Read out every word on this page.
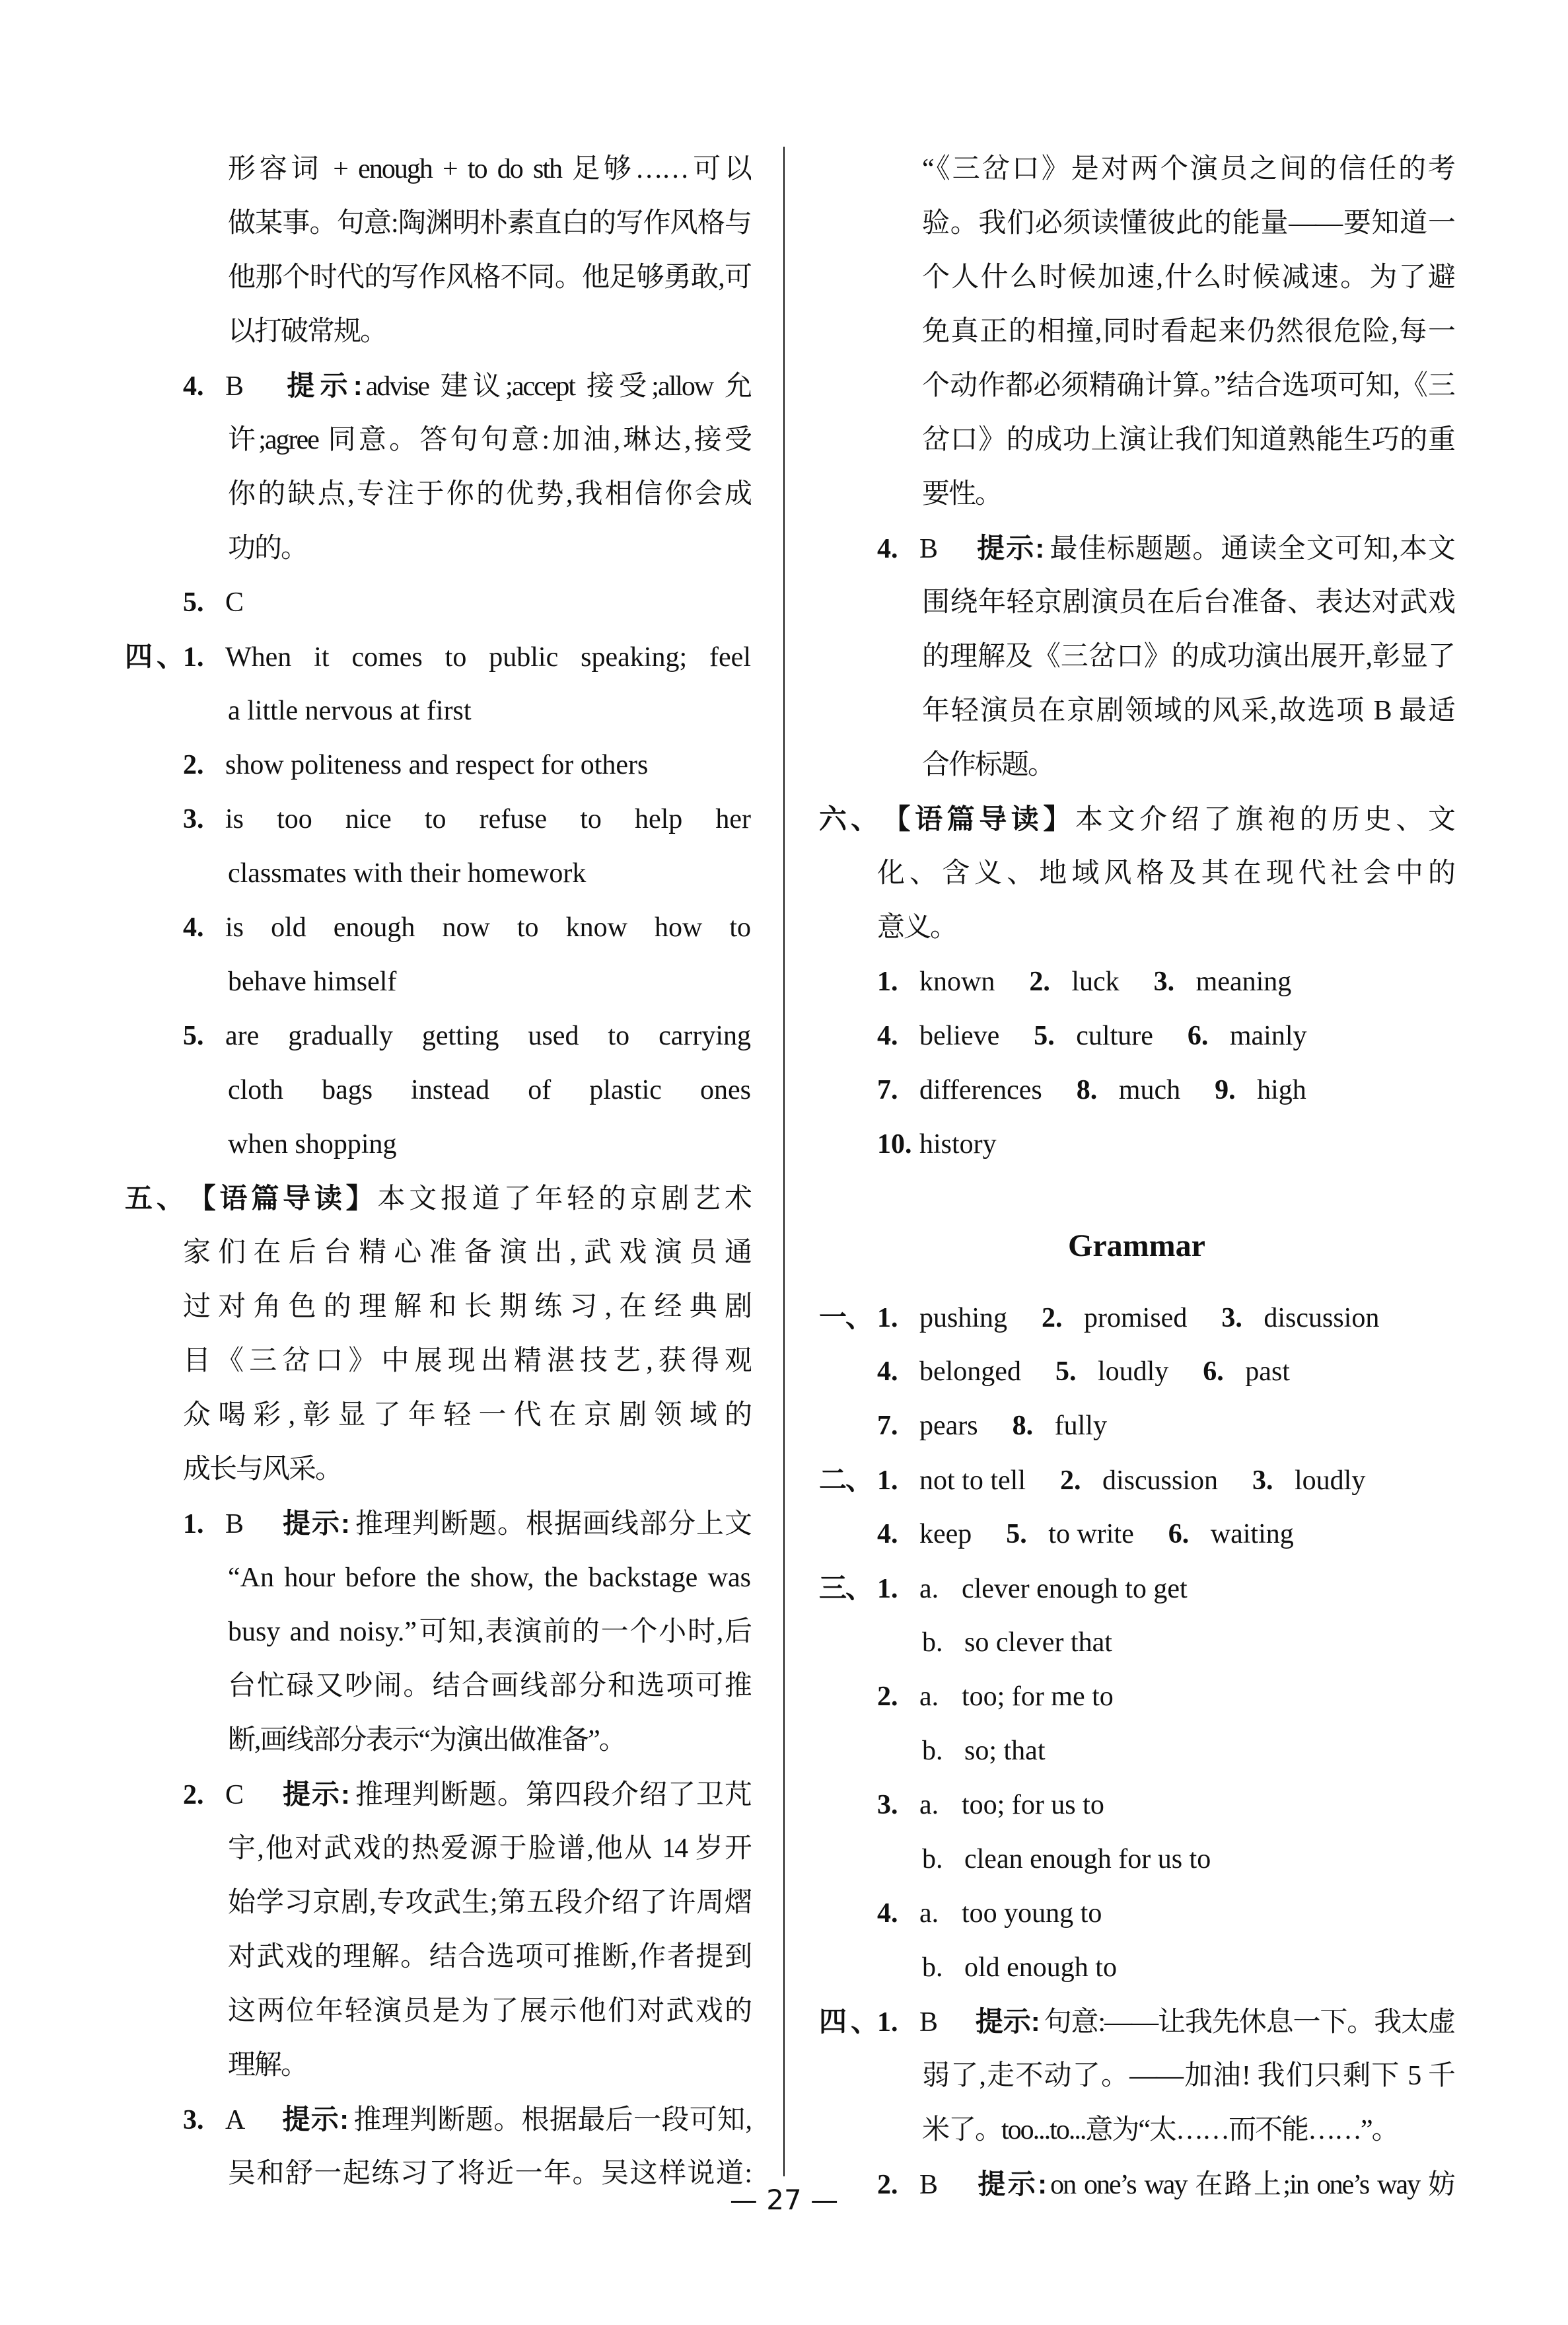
形容词 + enough + to do sth 足够……可以
做某事。句意:陶渊明朴素直白的写作风格与
他那个时代的写作风格不同。他足够勇敢,可
以打破常规。
4. B 提示: advise 建议;accept 接受;allow 允
许;agree 同意。答句句意:加油,琳达,接受
你的缺点,专注于你的优势,我相信你会成
功的。
5. C
四、1. When it comes to public speaking; feel
a little nervous at first
2. show politeness and respect for others
3. is too nice to refuse to help her
classmates with their homework
4. is old enough now to know how to
behave himself
5. are gradually getting used to carrying
cloth bags instead of plastic ones
when shopping
五、【语篇导读】本文报道了年轻的京剧艺术
家们在后台精心准备演出,武戏演员通
过对角色的理解和长期练习,在经典剧
目《三岔口》中展现出精湛技艺,获得观
众喝彩,彰显了年轻一代在京剧领域的
成长与风采。
1. B 提示: 推理判断题。根据画线部分上文
“An hour before the show, the backstage was
busy and noisy.”可知,表演前的一个小时,后
台忙碌又吵闹。结合画线部分和选项可推
断,画线部分表示“为演出做准备”。
2. C 提示: 推理判断题。第四段介绍了卫芃
宇,他对武戏的热爱源于脸谱,他从 14 岁开
始学习京剧,专攻武生;第五段介绍了许周熠
对武戏的理解。结合选项可推断,作者提到
这两位年轻演员是为了展示他们对武戏的
理解。
3. A 提示: 推理判断题。根据最后一段可知,
吴和舒一起练习了将近一年。吴这样说道:
“《三岔口》是对两个演员之间的信任的考
验。我们必须读懂彼此的能量——要知道一
个人什么时候加速,什么时候减速。为了避
免真正的相撞,同时看起来仍然很危险,每一
个动作都必须精确计算。”结合选项可知,《三
岔口》的成功上演让我们知道熟能生巧的重
要性。
4. B 提示: 最佳标题题。通读全文可知,本文
围绕年轻京剧演员在后台准备、表达对武戏
的理解及《三岔口》的成功演出展开,彰显了
年轻演员在京剧领域的风采,故选项 B 最适
合作标题。
六、【语篇导读】本文介绍了旗袍的历史、文
化、含义、地域风格及其在现代社会中的
意义。
1. known 2. luck 3. meaning
4. believe 5. culture 6. mainly
7. differences 8. much 9. high
10. history
Grammar
一、 1. pushing 2. promised 3. discussion
4. belonged 5. loudly 6. past
7. pears 8. fully
二、 1. not to tell 2. discussion 3. loudly
4. keep 5. to write 6. waiting
三、 1. a. clever enough to get
b. so clever that
2. a. too; for me to
b. so; that
3. a. too; for us to
b. clean enough for us to
4. a. too young to
b. old enough to
四、1. B 提示: 句意:——让我先休息一下。我太虚
弱了,走不动了。——加油! 我们只剩下 5 千
米了。too...to...意为“太……而不能……”。
2. B 提示: on one’s way 在路上;in one’s way 妨
— 27 —
